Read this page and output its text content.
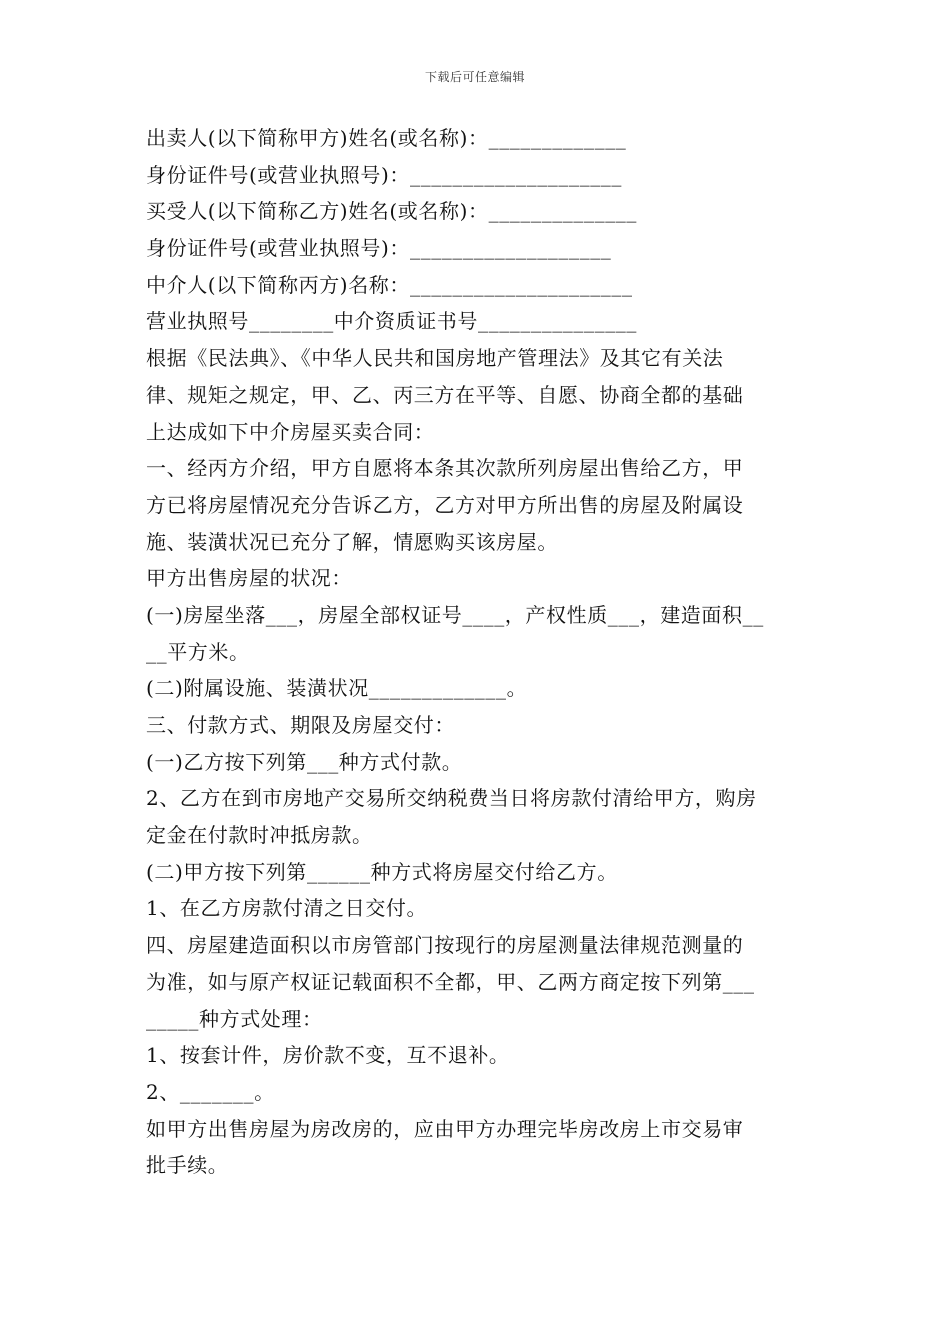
下载后可任意编辑
出卖人(以下简称甲方)姓名(或名称)：_____________
身份证件号(或营业执照号)：____________________
买受人(以下简称乙方)姓名(或名称)：______________
身份证件号(或营业执照号)：___________________
中介人(以下简称丙方)名称：_____________________
营业执照号________中介资质证书号_______________
根据《民法典》、《中华人民共和国房地产管理法》及其它有关法
律、规矩之规定，甲、乙、丙三方在平等、自愿、协商全都的基础
上达成如下中介房屋买卖合同：
一、经丙方介绍，甲方自愿将本条其次款所列房屋出售给乙方，甲
方已将房屋情况充分告诉乙方，乙方对甲方所出售的房屋及附属设
施、装潢状况已充分了解，情愿购买该房屋。
甲方出售房屋的状况：
(一)房屋坐落___，房屋全部权证号____，产权性质___，建造面积__
__平方米。
(二)附属设施、装潢状况_____________。
三、付款方式、期限及房屋交付：
(一)乙方按下列第___种方式付款。
2、乙方在到市房地产交易所交纳税费当日将房款付清给甲方，购房
定金在付款时冲抵房款。
(二)甲方按下列第______种方式将房屋交付给乙方。
1、在乙方房款付清之日交付。
四、房屋建造面积以市房管部门按现行的房屋测量法律规范测量的
为准，如与原产权证记载面积不全都，甲、乙两方商定按下列第___
_____种方式处理：
1、按套计件，房价款不变，互不退补。
2、_______。
如甲方出售房屋为房改房的，应由甲方办理完毕房改房上市交易审
批手续。
